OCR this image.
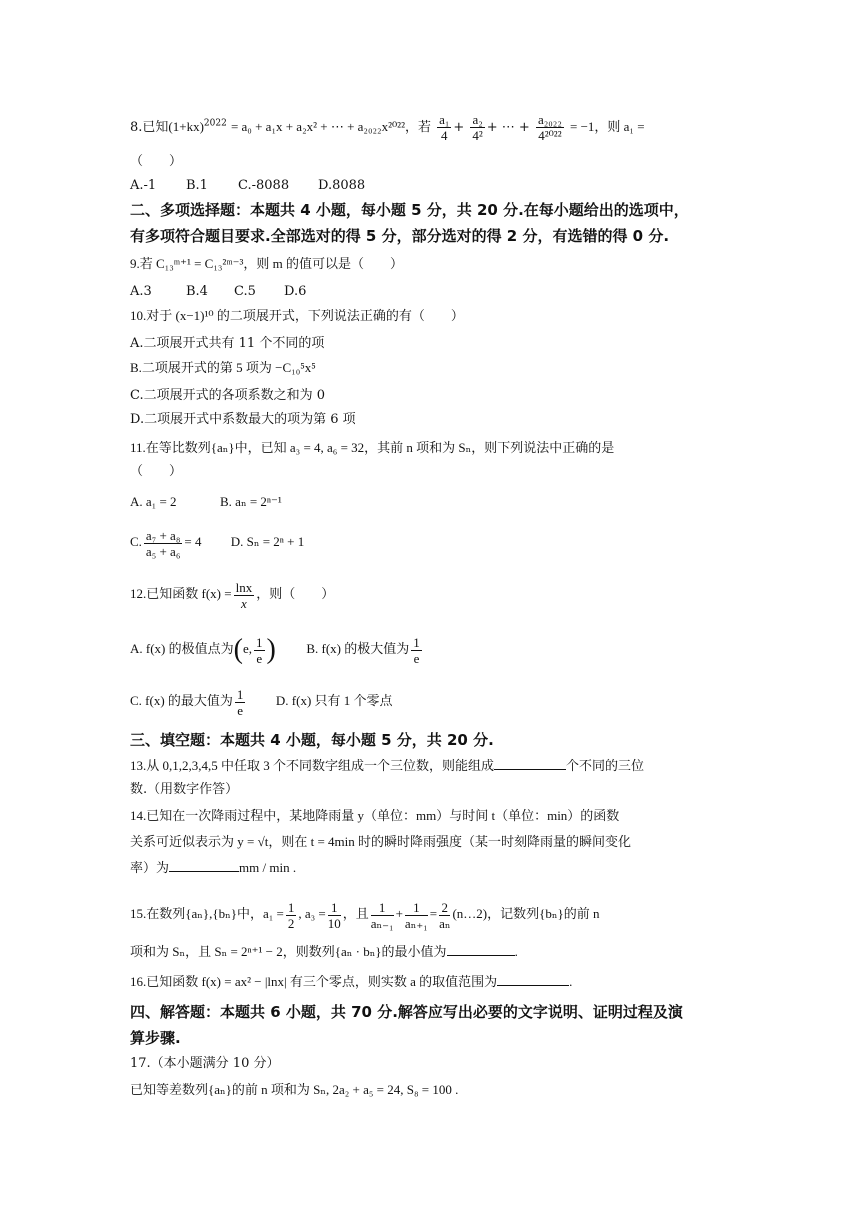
8.已知$(1+kx)^{2022} = a_0 + a_1x + a_2x^2$ + ⋯ + a₂₀₂₂x²⁰²²，若 $\frac{\text{a₁}}{4} + \frac{\text{a₂}}{\text{4²}}$ + ⋯ + $\frac{\text{a₂₀₂₂}}{\text{4²⁰²²}} = -1$，则 a₁ =
（　　）
A.-1 B.1 C.-8088 D.8088
二、多项选择题：本题共 4 小题，每小题 5 分，共 20 分.在每小题给出的选项中，
有多项符合题目要求.全部选对的得 5 分，部分选对的得 2 分，有选错的得 0 分.
9.若 C₁₃ᵐ⁺¹ = C₁₃²ᵐ⁻³，则 m 的值可以是（　　）
A.3	B.4 C.5 D.6
10.对于 (x−1)¹⁰ 的二项展开式，下列说法正确的有（　　）
A.二项展开式共有 11 个不同的项
B.二项展开式的第 5 项为 −C₁₀⁵x⁵
C.二项展开式的各项系数之和为 0
D.二项展开式中系数最大的项为第 6 项
11.在等比数列{aₙ}中，已知 a₃ = 4, a₆ = 32，其前 n 项和为 Sₙ，则下列说法中正确的是
（　　）
A. a₁ = 2	B. aₙ = 2ⁿ⁻¹
C. $\frac{\text{a₇ + a₈}}{\text{a₅ + a₆}} = 4$ D. Sₙ = 2ⁿ + 1
12.已知函数 $f(x) = \frac{\ln x}{x}$ ，则（　　）
A. f(x) 的极值点为(e, $\frac{1}{e}$ ) B. f(x) 的极大值为 $\frac{1}{e}$
C. f(x) 的最大值为 $\frac{1}{e} D$. f(x) 只有 1 个零点
三、填空题：本题共 4 小题，每小题 5 分，共 20 分.
13.从 0,1,2,3,4,5 中任取 3 个不同数字组成一个三位数，则能组成	个不同的三位
数.（用数字作答）
14.已知在一次降雨过程中，某地降雨量 y（单位：mm）与时间 t（单位：min）的函数
关系可近似表示为 y = √t，则在 t = 4min 时的瞬时降雨强度（某一时刻降雨量的瞬间变化
率）为	mm / min .
15.在数列{aₙ},{bₙ}中，$a_1 = \frac{1}{2}$ , $a_3 = \frac{1}{10}$ ，且 $\frac{1}{\text{aₙ₋₁}} + \frac{1}{\text{aₙ₊₁}} = \frac{2}{\text{aₙ}}$ (n…2)，记数列{bₙ}的前 n
项和为 Sₙ，且 Sₙ = 2ⁿ⁺¹ − 2，则数列{aₙ · bₙ}的最小值为	.
16.已知函数 f(x) = ax² − |lnx| 有三个零点，则实数 a 的取值范围为	.
四、解答题：本题共 6 小题，共 70 分.解答应写出必要的文字说明、证明过程及演
算步骤.
17.（本小题满分 10 分）
已知等差数列{aₙ}的前 n 项和为 Sₙ, 2a₂ + a₅ = 24, S₈ = 100 .
